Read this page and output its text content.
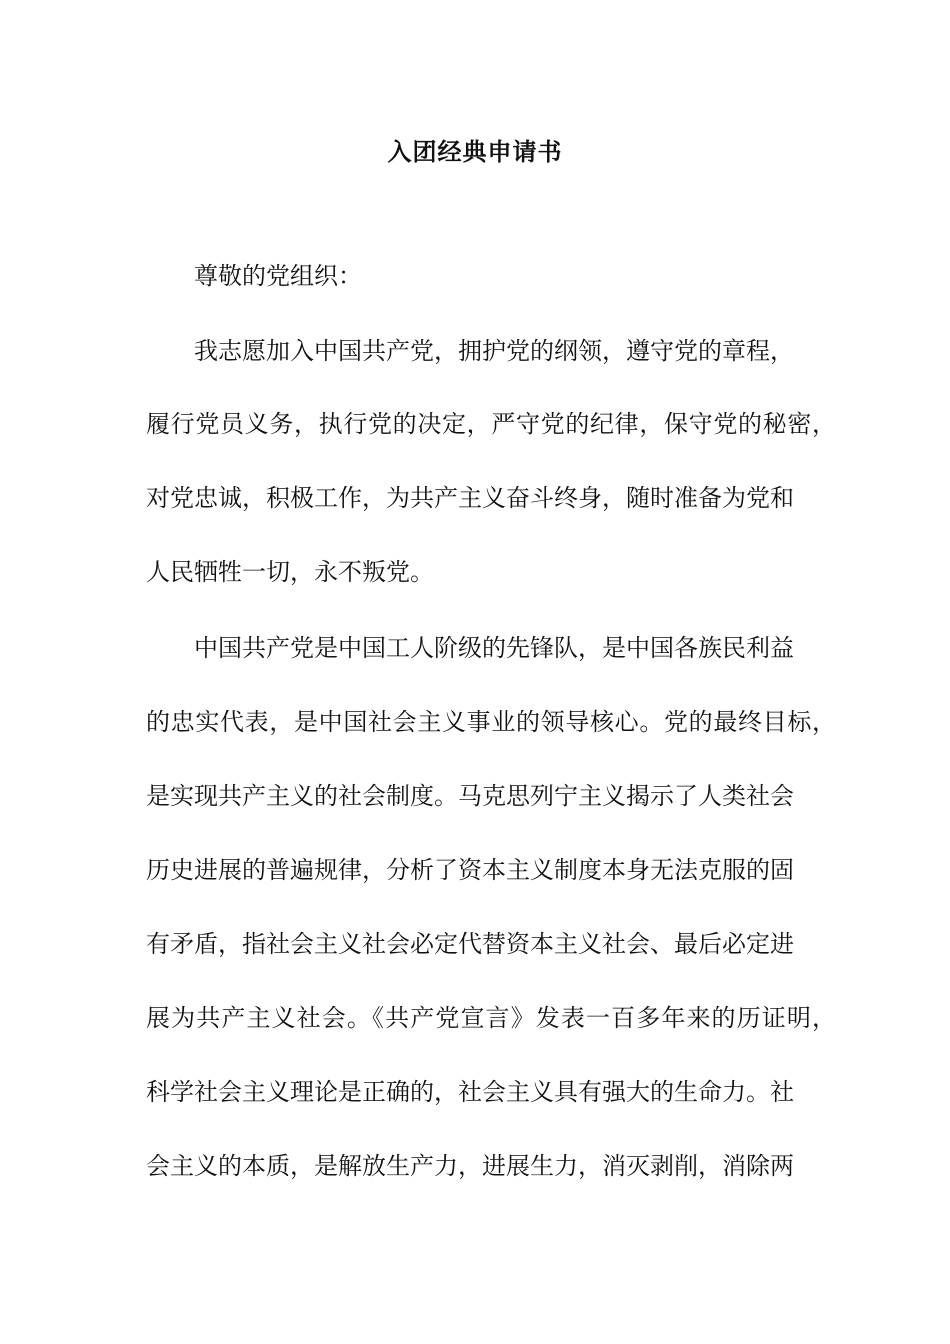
入团经典申请书

尊敬的党组织：

我志愿加入中国共产党，拥护党的纲领，遵守党的章程，

履行党员义务，执行党的决定，严守党的纪律，保守党的秘密，

对党忠诚，积极工作，为共产主义奋斗终身，随时准备为党和

人民牺牲一切，永不叛党。

中国共产党是中国工人阶级的先锋队，是中国各族民利益

的忠实代表，是中国社会主义事业的领导核心。党的最终目标，

是实现共产主义的社会制度。马克思列宁主义揭示了人类社会

历史进展的普遍规律，分析了资本主义制度本身无法克服的固

有矛盾，指社会主义社会必定代替资本主义社会、最后必定进

展为共产主义社会。《共产党宣言》发表一百多年来的历证明，

科学社会主义理论是正确的，社会主义具有强大的生命力。社

会主义的本质，是解放生产力，进展生力，消灭剥削，消除两
